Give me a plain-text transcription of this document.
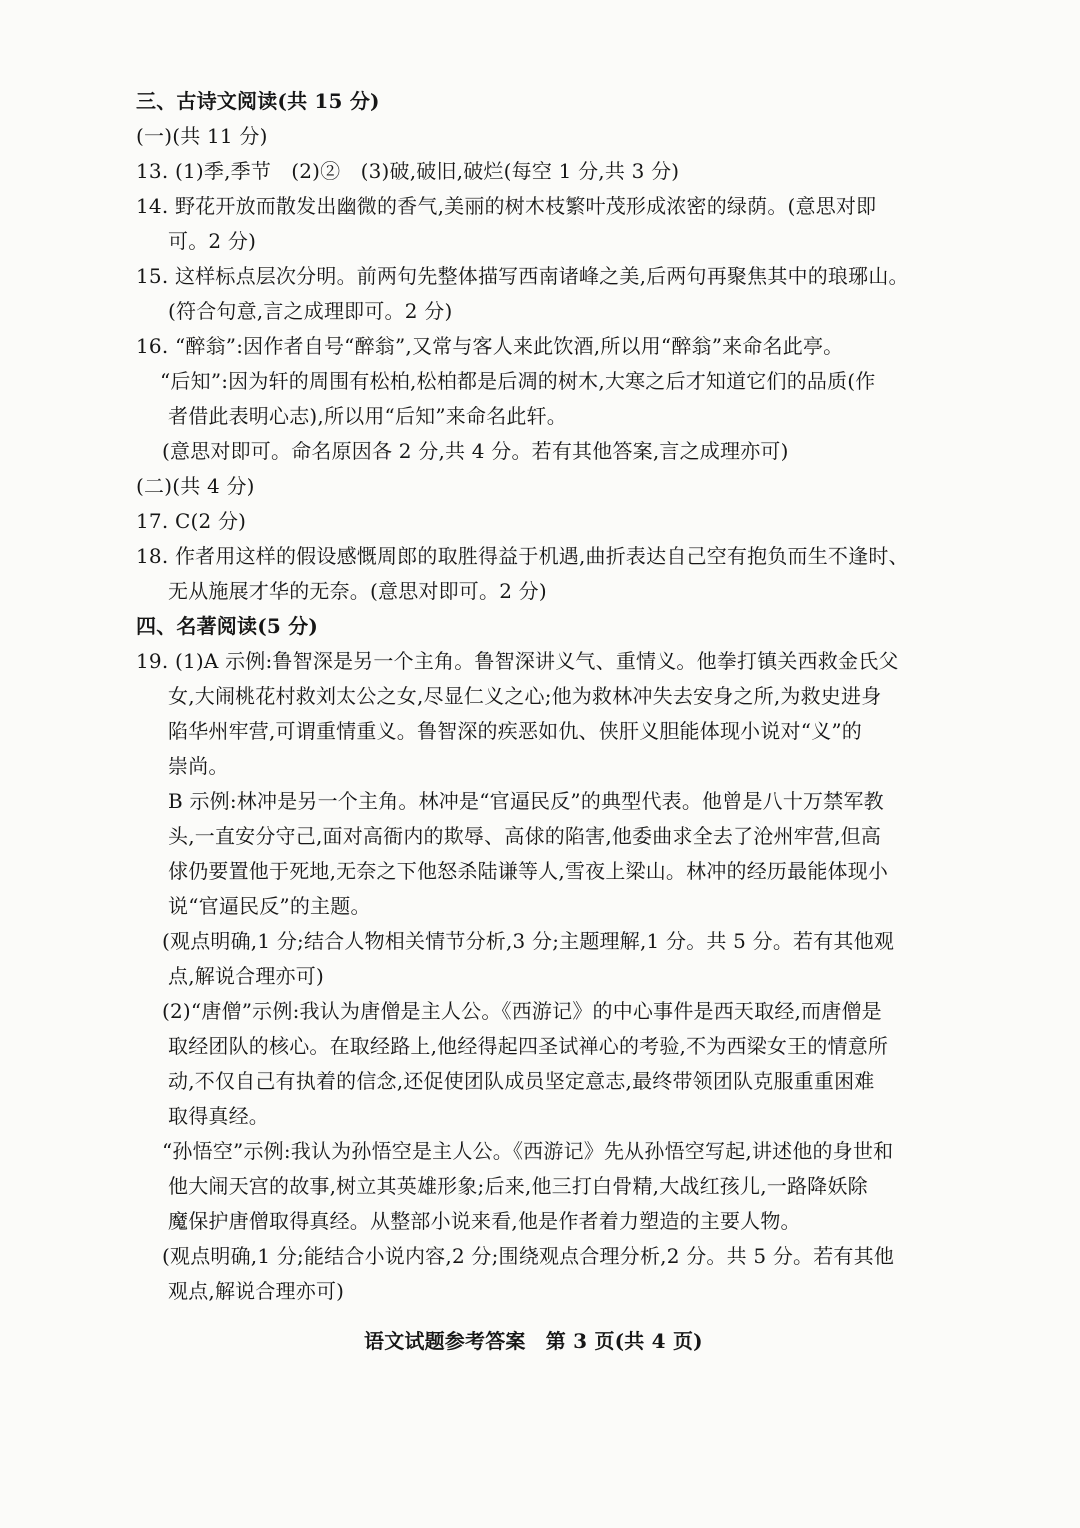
三、古诗文阅读(共 15 分)
(一)(共 11 分)
13. (1)季,季节　(2)②　(3)破,破旧,破烂(每空 1 分,共 3 分)
14. 野花开放而散发出幽微的香气,美丽的树木枝繁叶茂形成浓密的绿荫。(意思对即
可。2 分)
15. 这样标点层次分明。前两句先整体描写西南诸峰之美,后两句再聚焦其中的琅琊山。
(符合句意,言之成理即可。2 分)
16. “醉翁”:因作者自号“醉翁”,又常与客人来此饮酒,所以用“醉翁”来命名此亭。
“后知”:因为轩的周围有松柏,松柏都是后凋的树木,大寒之后才知道它们的品质(作
者借此表明心志),所以用“后知”来命名此轩。
(意思对即可。命名原因各 2 分,共 4 分。若有其他答案,言之成理亦可)
(二)(共 4 分)
17. C(2 分)
18. 作者用这样的假设感慨周郎的取胜得益于机遇,曲折表达自己空有抱负而生不逢时、
无从施展才华的无奈。(意思对即可。2 分)
四、名著阅读(5 分)
19. (1)A 示例:鲁智深是另一个主角。鲁智深讲义气、重情义。他拳打镇关西救金氏父
女,大闹桃花村救刘太公之女,尽显仁义之心;他为救林冲失去安身之所,为救史进身
陷华州牢营,可谓重情重义。鲁智深的疾恶如仇、侠肝义胆能体现小说对“义”的
崇尚。
B 示例:林冲是另一个主角。林冲是“官逼民反”的典型代表。他曾是八十万禁军教
头,一直安分守己,面对高衙内的欺辱、高俅的陷害,他委曲求全去了沧州牢营,但高
俅仍要置他于死地,无奈之下他怒杀陆谦等人,雪夜上梁山。林冲的经历最能体现小
说“官逼民反”的主题。
(观点明确,1 分;结合人物相关情节分析,3 分;主题理解,1 分。共 5 分。若有其他观
点,解说合理亦可)
(2)“唐僧”示例:我认为唐僧是主人公。《西游记》的中心事件是西天取经,而唐僧是
取经团队的核心。在取经路上,他经得起四圣试禅心的考验,不为西梁女王的情意所
动,不仅自己有执着的信念,还促使团队成员坚定意志,最终带领团队克服重重困难
取得真经。
“孙悟空”示例:我认为孙悟空是主人公。《西游记》先从孙悟空写起,讲述他的身世和
他大闹天宫的故事,树立其英雄形象;后来,他三打白骨精,大战红孩儿,一路降妖除
魔保护唐僧取得真经。从整部小说来看,他是作者着力塑造的主要人物。
(观点明确,1 分;能结合小说内容,2 分;围绕观点合理分析,2 分。共 5 分。若有其他
观点,解说合理亦可)
语文试题参考答案　第 3 页(共 4 页)
